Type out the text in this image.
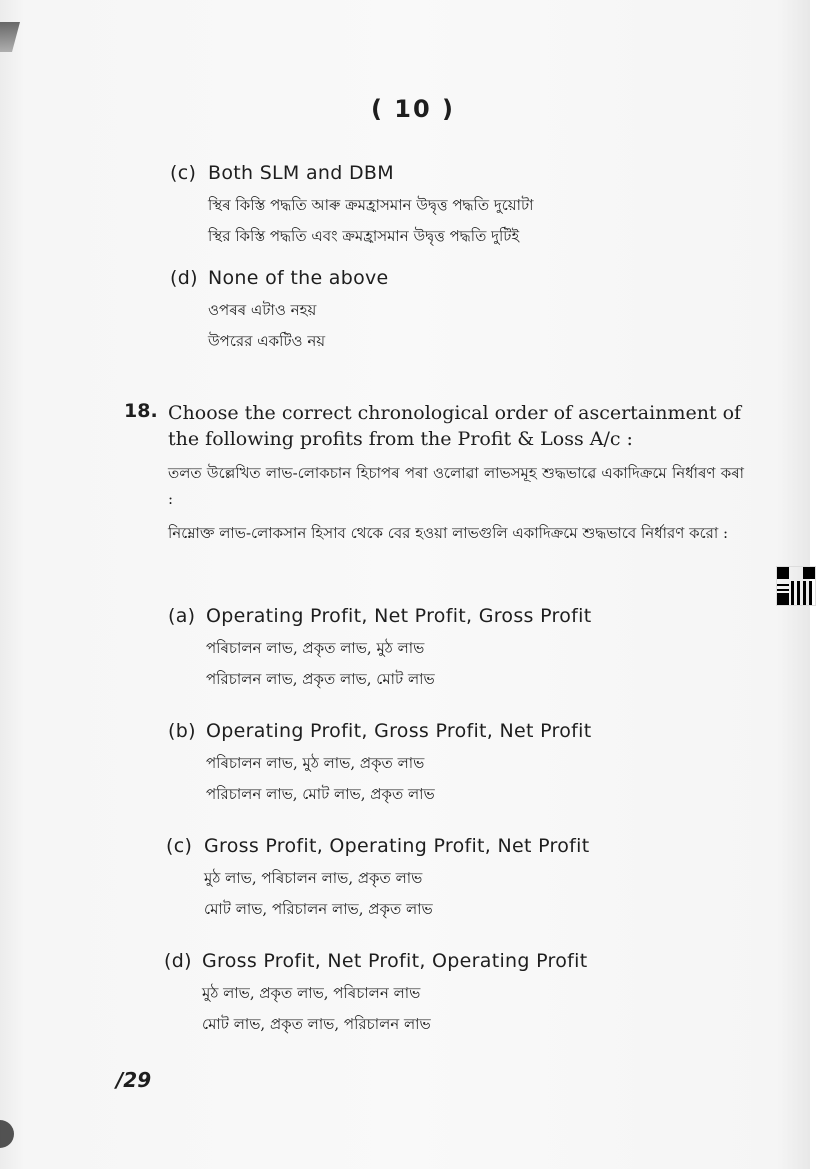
( 10 )
(c) Both SLM and DBM
স্থিৰ কিস্তি পদ্ধতি আৰু ক্ৰমহ্ৰাসমান উদ্বৃত্ত পদ্ধতি দুয়োটা
স্থির কিস্তি পদ্ধতি এবং ক্রমহ্রাসমান উদ্বৃত্ত পদ্ধতি দুটিই
(d) None of the above
ওপৰৰ এটাও নহয়
উপরের একটিও নয়
18. Choose the correct chronological order of ascertainment of the following profits from the Profit & Loss A/c :
তলত উল্লেখিত লাভ-লোকচান হিচাপৰ পৰা ওলোৱা লাভসমূহ শুদ্ধভাৱে একাদিক্ৰমে নিৰ্ধাৰণ কৰা :
নিম্নোক্ত লাভ-লোকসান হিসাব থেকে বের হওয়া লাভগুলি একাদিক্রমে শুদ্ধভাবে নির্ধারণ করো :
(a) Operating Profit, Net Profit, Gross Profit
পৰিচালন লাভ, প্ৰকৃত লাভ, মুঠ লাভ
পরিচালন লাভ, প্রকৃত লাভ, মোট লাভ
(b) Operating Profit, Gross Profit, Net Profit
পৰিচালন লাভ, মুঠ লাভ, প্ৰকৃত লাভ
পরিচালন লাভ, মোট লাভ, প্রকৃত লাভ
(c) Gross Profit, Operating Profit, Net Profit
মুঠ লাভ, পৰিচালন লাভ, প্ৰকৃত লাভ
মোট লাভ, পরিচালন লাভ, প্রকৃত লাভ
(d) Gross Profit, Net Profit, Operating Profit
মুঠ লাভ, প্ৰকৃত লাভ, পৰিচালন লাভ
মোট লাভ, প্রকৃত লাভ, পরিচালন লাভ
/29
